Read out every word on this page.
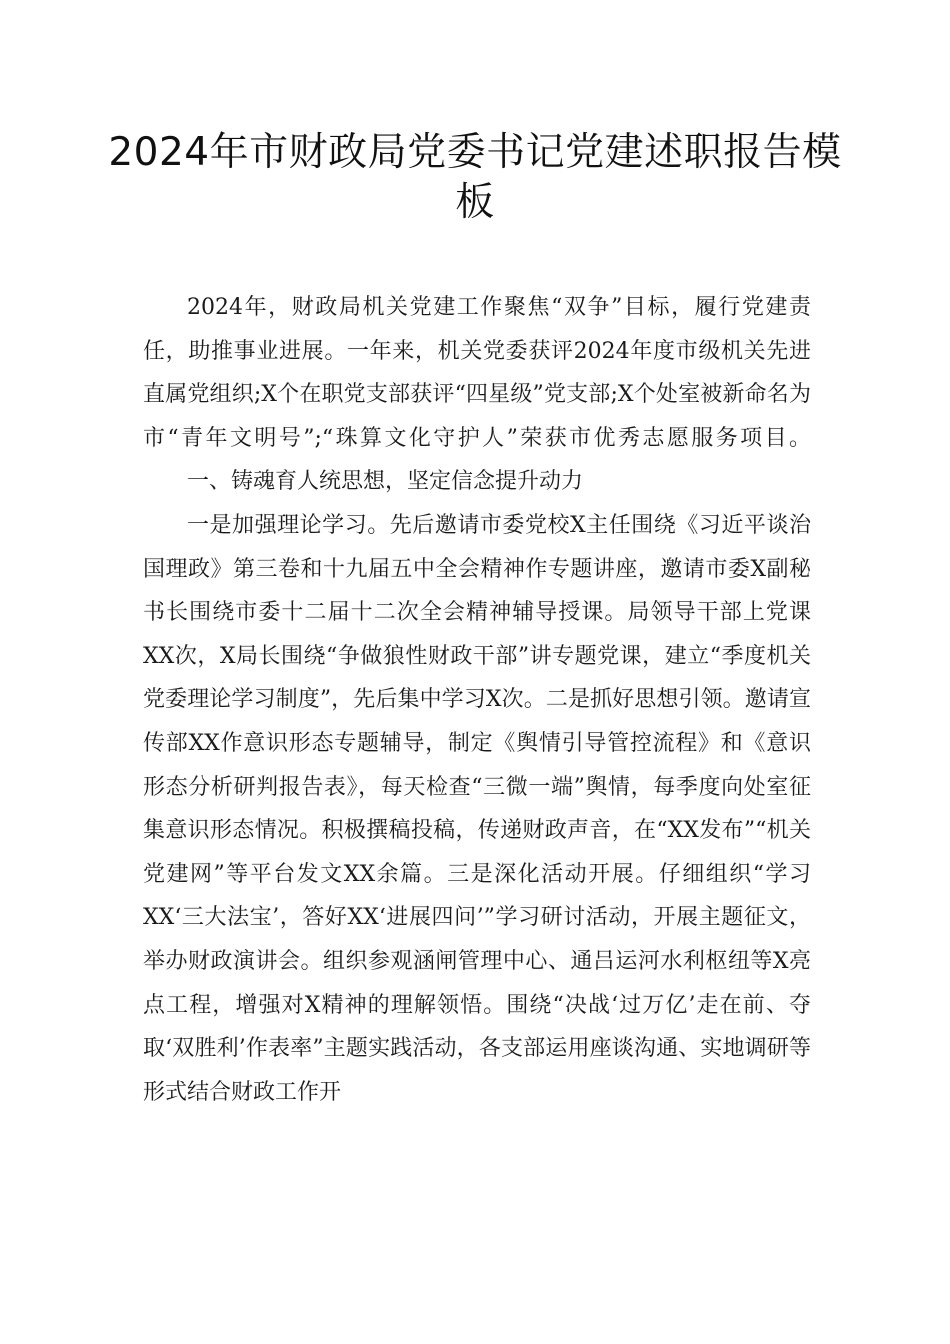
2024年市财政局党委书记党建述职报告模板

2024年，财政局机关党建工作聚焦“双争”目标，履行党建责任，助推事业进展。一年来，机关党委获评2024年度市级机关先进直属党组织;X个在职党支部获评“四星级”党支部;X个处室被新命名为市“青年文明号”;“珠算文化守护人”荣获市优秀志愿服务项目。一、铸魂育人统思想，坚定信念提升动力

一是加强理论学习。先后邀请市委党校X主任围绕《习近平谈治国理政》第三卷和十九届五中全会精神作专题讲座，邀请市委X副秘书长围绕市委十二届十二次全会精神辅导授课。局领导干部上党课XX次，X局长围绕“争做狼性财政干部”讲专题党课，建立“季度机关党委理论学习制度”，先后集中学习X次。二是抓好思想引领。邀请宣传部XX作意识形态专题辅导，制定《舆情引导管控流程》和《意识形态分析研判报告表》，每天检查“三微一端”舆情，每季度向处室征集意识形态情况。积极撰稿投稿，传递财政声音，在“XX发布”“机关党建网”等平台发文XX余篇。三是深化活动开展。仔细组织“学习XX‘三大法宝’，答好XX‘进展四问’”学习研讨活动，开展主题征文，举办财政演讲会。组织参观涵闸管理中心、通吕运河水利枢纽等X亮点工程，增强对X精神的理解领悟。围绕“决战‘过万亿’走在前、夺取‘双胜利’作表率”主题实践活动，各支部运用座谈沟通、实地调研等形式结合财政工作开
